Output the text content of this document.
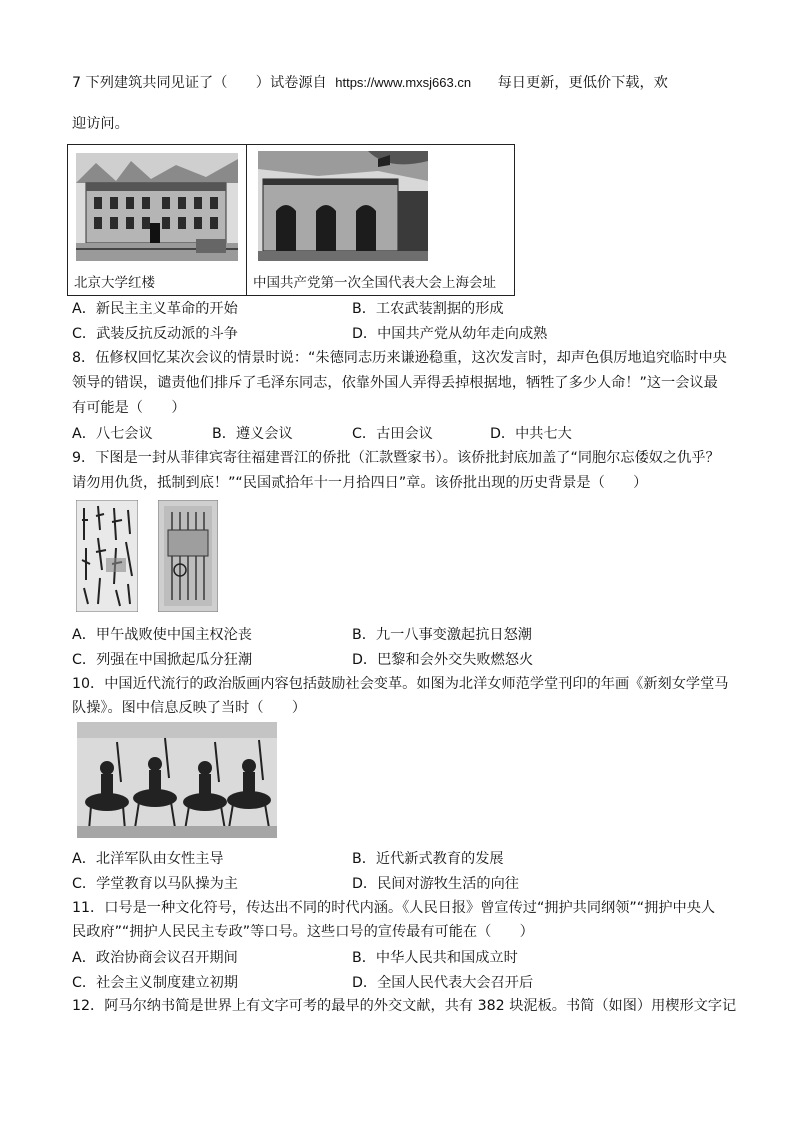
7 下列建筑共同见证了（　　）试卷源自 https://www.mxsj663.cn 每日更新，更低价下载，欢
迎访问。
北京大学红楼	中国共产党第一次全国代表大会上海会址
A．新民主主义革命的开始	B．工农武装割据的形成
C．武装反抗反动派的斗争	D．中国共产党从幼年走向成熟
8．伍修权回忆某次会议的情景时说：“朱德同志历来谦逊稳重，这次发言时，却声色俱厉地追究临时中央
领导的错误，谴责他们排斥了毛泽东同志，依靠外国人弄得丢掉根据地，牺牲了多少人命！”这一会议最
有可能是（　　）
A．八七会议	B．遵义会议	C．古田会议	D．中共七大
9．下图是一封从菲律宾寄往福建晋江的侨批（汇款暨家书）。该侨批封底加盖了“同胞尔忘倭奴之仇乎？
请勿用仇货，抵制到底！”“民国贰拾年十一月拾四日”章。该侨批出现的历史背景是（　　）
A．甲午战败使中国主权沦丧	B．九一八事变激起抗日怒潮
C．列强在中国掀起瓜分狂潮	D．巴黎和会外交失败燃怒火
10．中国近代流行的政治版画内容包括鼓励社会变革。如图为北洋女师范学堂刊印的年画《新刻女学堂马
队操》。图中信息反映了当时（　　）
A．北洋军队由女性主导	B．近代新式教育的发展
C．学堂教育以马队操为主	D．民间对游牧生活的向往
11．口号是一种文化符号，传达出不同的时代内涵。《人民日报》曾宣传过“拥护共同纲领”“拥护中央人
民政府”“拥护人民民主专政”等口号。这些口号的宣传最有可能在（　　）
A．政治协商会议召开期间	B．中华人民共和国成立时
C．社会主义制度建立初期	D．全国人民代表大会召开后
12．阿马尔纳书简是世界上有文字可考的最早的外交文献，共有 382 块泥板。书简（如图）用楔形文字记
